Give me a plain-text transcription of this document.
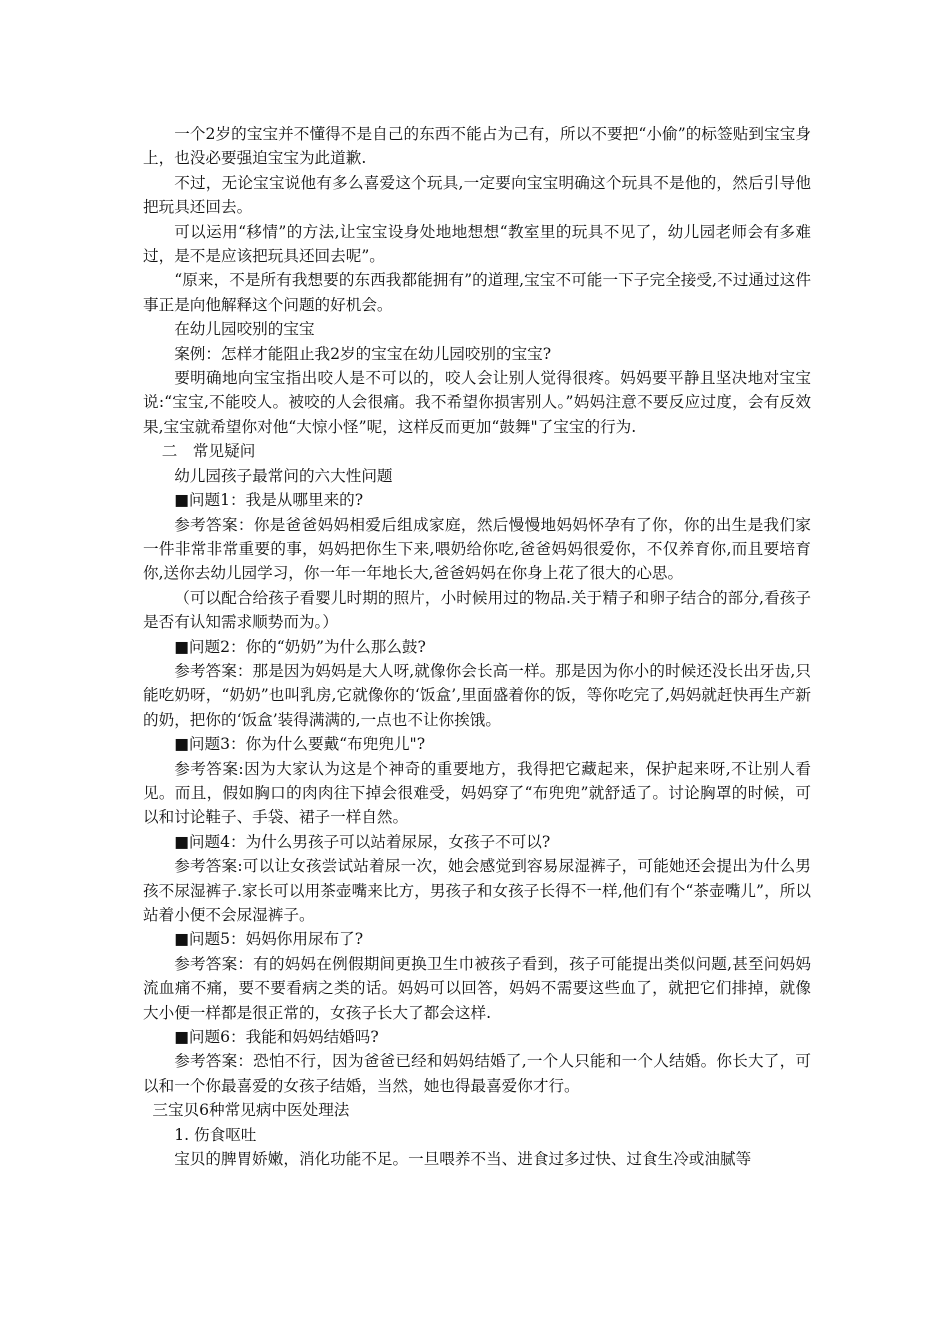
一个2岁的宝宝并不懂得不是自己的东西不能占为己有，所以不要把“小偷”的标签贴到宝宝身上，也没必要强迫宝宝为此道歉.

不过，无论宝宝说他有多么喜爱这个玩具,一定要向宝宝明确这个玩具不是他的，然后引导他把玩具还回去。

可以运用“移情”的方法,让宝宝设身处地地想想“教室里的玩具不见了，幼儿园老师会有多难过，是不是应该把玩具还回去呢”。

“原来，不是所有我想要的东西我都能拥有”的道理,宝宝不可能一下子完全接受,不过通过这件事正是向他解释这个问题的好机会。

在幼儿园咬别的宝宝

案例：怎样才能阻止我2岁的宝宝在幼儿园咬别的宝宝?

要明确地向宝宝指出咬人是不可以的，咬人会让别人觉得很疼。妈妈要平静且坚决地对宝宝说:“宝宝,不能咬人。被咬的人会很痛。我不希望你损害别人。”妈妈注意不要反应过度，会有反效果,宝宝就希望你对他“大惊小怪”呢，这样反而更加“鼓舞"了宝宝的行为.

二　常见疑问

幼儿园孩子最常问的六大性问题

■问题1：我是从哪里来的?

参考答案：你是爸爸妈妈相爱后组成家庭，然后慢慢地妈妈怀孕有了你，你的出生是我们家一件非常非常重要的事，妈妈把你生下来,喂奶给你吃,爸爸妈妈很爱你，不仅养育你,而且要培育你,送你去幼儿园学习，你一年一年地长大,爸爸妈妈在你身上花了很大的心思。

（可以配合给孩子看婴儿时期的照片，小时候用过的物品.关于精子和卵子结合的部分,看孩子是否有认知需求顺势而为。）

■问题2：你的“奶奶”为什么那么鼓?

参考答案：那是因为妈妈是大人呀,就像你会长高一样。那是因为你小的时候还没长出牙齿,只能吃奶呀，“奶奶”也叫乳房,它就像你的‘饭盒’,里面盛着你的饭，等你吃完了,妈妈就赶快再生产新的奶，把你的‘饭盒’装得满满的,一点也不让你挨饿。

■问题3：你为什么要戴“布兜兜儿"?

参考答案:因为大家认为这是个神奇的重要地方，我得把它藏起来，保护起来呀,不让别人看见。而且，假如胸口的肉肉往下掉会很难受，妈妈穿了“布兜兜”就舒适了。讨论胸罩的时候，可以和讨论鞋子、手袋、裙子一样自然。

■问题4：为什么男孩子可以站着尿尿，女孩子不可以?

参考答案:可以让女孩尝试站着尿一次，她会感觉到容易尿湿裤子，可能她还会提出为什么男孩不尿湿裤子.家长可以用茶壶嘴来比方，男孩子和女孩子长得不一样,他们有个“茶壶嘴儿”，所以站着小便不会尿湿裤子。

■问题5：妈妈你用尿布了?

参考答案：有的妈妈在例假期间更换卫生巾被孩子看到，孩子可能提出类似问题,甚至问妈妈流血痛不痛，要不要看病之类的话。妈妈可以回答，妈妈不需要这些血了，就把它们排掉，就像大小便一样都是很正常的，女孩子长大了都会这样.

■问题6：我能和妈妈结婚吗?

参考答案：恐怕不行，因为爸爸已经和妈妈结婚了,一个人只能和一个人结婚。你长大了，可以和一个你最喜爱的女孩子结婚，当然，她也得最喜爱你才行。

三宝贝6种常见病中医处理法

1. 伤食呕吐

宝贝的脾胃娇嫩，消化功能不足。一旦喂养不当、进食过多过快、过食生冷或油腻等
